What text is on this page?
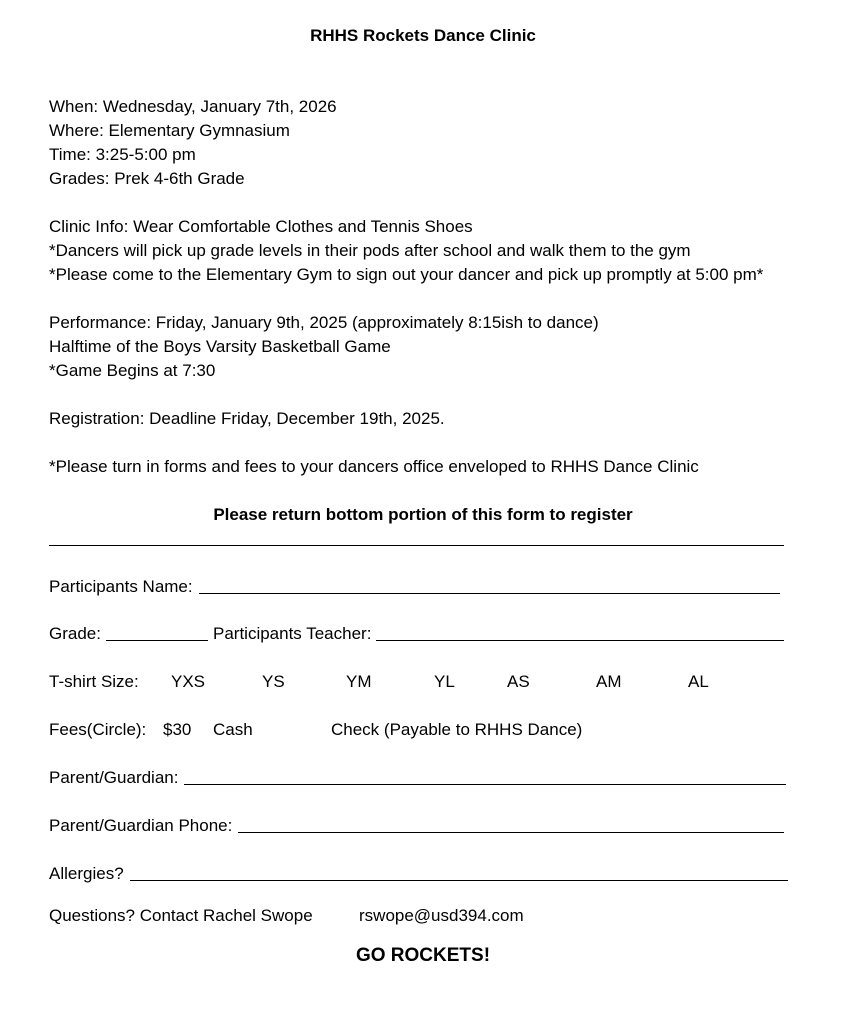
RHHS Rockets Dance Clinic
When: Wednesday, January 7th, 2026
Where: Elementary Gymnasium
Time: 3:25-5:00 pm
Grades: Prek 4-6th Grade
Clinic Info: Wear Comfortable Clothes and Tennis Shoes
*Dancers will pick up grade levels in their pods after school and walk them to the gym
*Please come to the Elementary Gym to sign out your dancer and pick up promptly at 5:00 pm*
Performance: Friday, January 9th, 2025 (approximately 8:15ish to dance)
Halftime of the Boys Varsity Basketball Game
*Game Begins at 7:30
Registration: Deadline Friday, December 19th, 2025.
*Please turn in forms and fees to your dancers office enveloped to RHHS Dance Clinic
Please return bottom portion of this form to register
Participants Name:
Grade:	Participants Teacher:
T-shirt Size: YXS	YS	YM	YL	AS	AM	AL
Fees(Circle): $30 Cash	Check (Payable to RHHS Dance)
Parent/Guardian:
Parent/Guardian Phone:
Allergies?
Questions? Contact Rachel Swope	rswope@usd394.com
GO ROCKETS!
